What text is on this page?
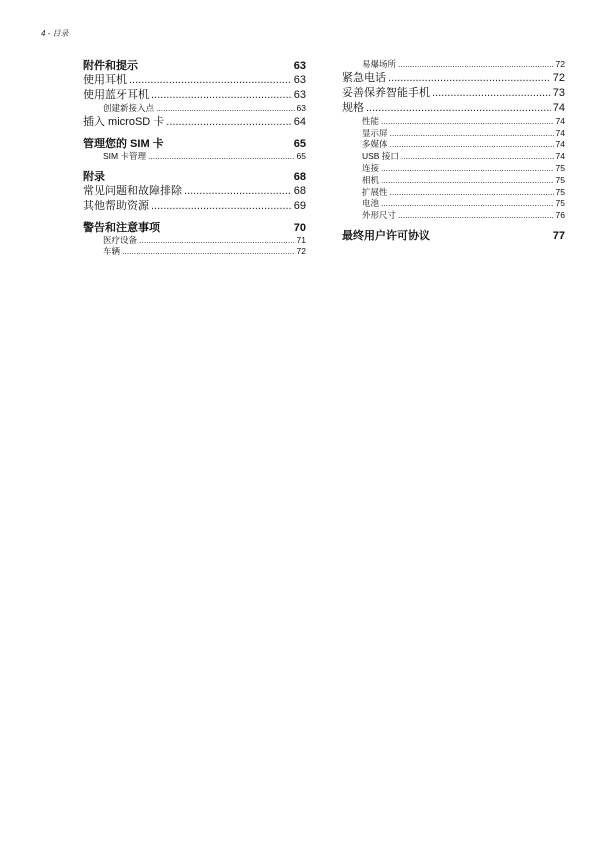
4 - 目录
附件和提示	63
使用耳机 .....	63
使用蓝牙耳机 .....	63
创建新接入点 .....	63
插入 microSD 卡 .....	64
管理您的 SIM 卡	65
SIM 卡管理 .....	65
附录	68
常见问题和故障排除 .....	68
其他帮助资源 .....	69
警告和注意事项	70
医疗设备 .....	71
车辆 .....	72
易爆场所 .....	72
紧急电话 .....	72
妥善保养智能手机 .....	73
规格 .....	74
性能 .....	74
显示屏 .....	74
多媒体 .....	74
USB 接口 .....	74
连接 .....	75
相机 .....	75
扩展性 .....	75
电池 .....	75
外形尺寸 .....	76
最终用户许可协议	77
